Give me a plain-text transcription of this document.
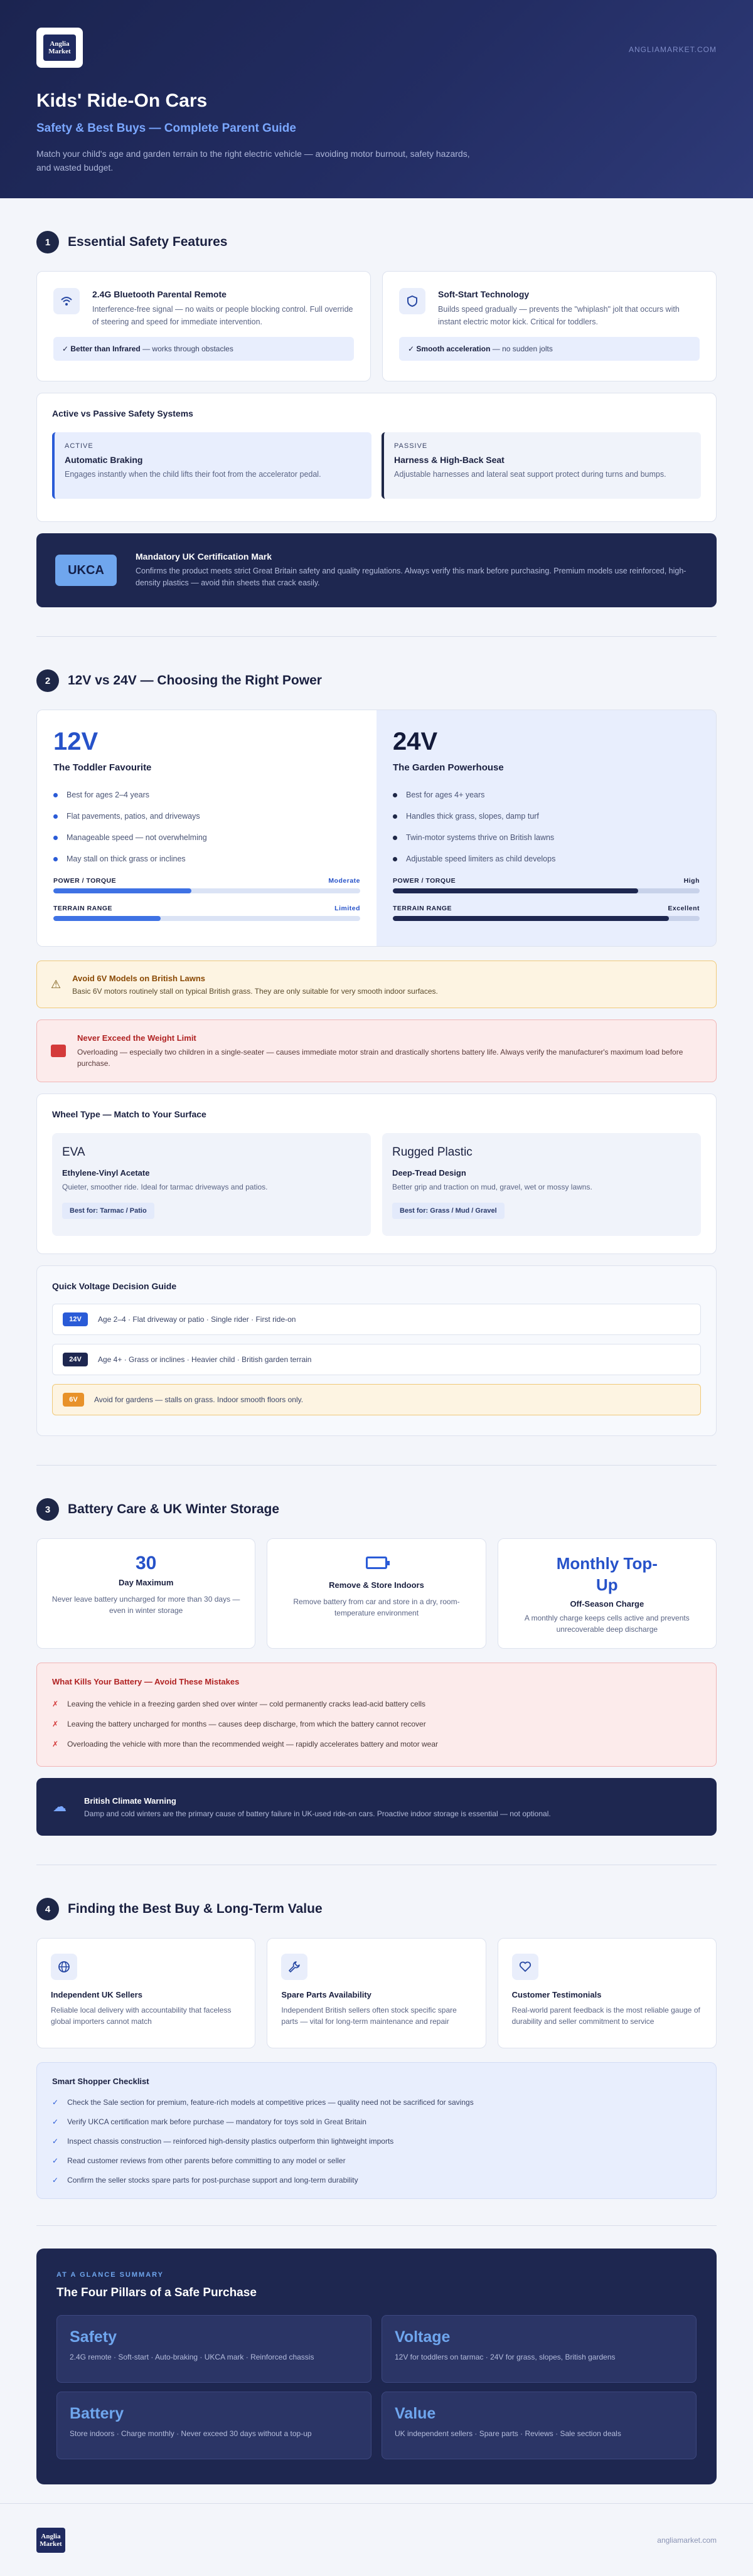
Anglia
Market	ANGLIAMARKET.COM
Kids' Ride-On Cars
Safety & Best Buys — Complete Parent Guide

Match your child's age and garden terrain to the right electric vehicle — avoiding motor burnout, safety hazards, and wasted budget.

1	Essential Safety Features
2.4G Bluetooth Parental Remote
Interference-free signal — no waits or people blocking control. Full override of steering and speed for immediate intervention.
✓ Better than Infrared — works through obstacles
Soft-Start Technology
Builds speed gradually — prevents the "whiplash" jolt that occurs with instant electric motor kick. Critical for toddlers.
✓ Smooth acceleration — no sudden jolts
Active vs Passive Safety Systems
ACTIVE
Automatic Braking
Engages instantly when the child lifts their foot from the accelerator pedal.
PASSIVE
Harness & High-Back Seat
Adjustable harnesses and lateral seat support protect during turns and bumps.
UKCA
Mandatory UK Certification Mark
Confirms the product meets strict Great Britain safety and quality regulations. Always verify this mark before purchasing. Premium models use reinforced, high-density plastics — avoid thin sheets that crack easily.
2	12V vs 24V — Choosing the Right Power
12V
The Toddler Favourite
Best for ages 2–4 years
Flat pavements, patios, and driveways
Manageable speed — not overwhelming
May stall on thick grass or inclines
POWER / TORQUE	Moderate
TERRAIN RANGE	Limited
24V
The Garden Powerhouse
Best for ages 4+ years
Handles thick grass, slopes, damp turf
Twin-motor systems thrive on British lawns
Adjustable speed limiters as child develops
POWER / TORQUE	High
TERRAIN RANGE	Excellent
⚠ Avoid 6V Models on British Lawns
Basic 6V motors routinely stall on typical British grass. They are only suitable for very smooth indoor surfaces.
Never Exceed the Weight Limit
Overloading — especially two children in a single-seater — causes immediate motor strain and drastically shortens battery life. Always verify the manufacturer's maximum load before purchase.
Wheel Type — Match to Your Surface
EVA
Ethylene-Vinyl Acetate
Quieter, smoother ride. Ideal for tarmac driveways and patios.
Best for: Tarmac / Patio
Rugged Plastic
Deep-Tread Design
Better grip and traction on mud, gravel, wet or mossy lawns.
Best for: Grass / Mud / Gravel
Quick Voltage Decision Guide
12V	Age 2–4 · Flat driveway or patio · Single rider · First ride-on
24V	Age 4+ · Grass or inclines · Heavier child · British garden terrain
6V	Avoid for gardens — stalls on grass. Indoor smooth floors only.
3	Battery Care & UK Winter Storage
30
Day Maximum
Never leave battery uncharged for more than 30 days — even in winter storage
Remove & Store Indoors
Remove battery from car and store in a dry, room-temperature environment
Monthly Top-Up
Off-Season Charge
A monthly charge keeps cells active and prevents unrecoverable deep discharge
What Kills Your Battery — Avoid These Mistakes
✗ Leaving the vehicle in a freezing garden shed over winter — cold permanently cracks lead-acid battery cells
✗ Leaving the battery uncharged for months — causes deep discharge, from which the battery cannot recover
✗ Overloading the vehicle with more than the recommended weight — rapidly accelerates battery and motor wear
☁ British Climate Warning
Damp and cold winters are the primary cause of battery failure in UK-used ride-on cars. Proactive indoor storage is essential — not optional.
4	Finding the Best Buy & Long-Term Value
Independent UK Sellers
Reliable local delivery with accountability that faceless global importers cannot match
Spare Parts Availability
Independent British sellers often stock specific spare parts — vital for long-term maintenance and repair
Customer Testimonials
Real-world parent feedback is the most reliable gauge of durability and seller commitment to service
Smart Shopper Checklist
✓ Check the Sale section for premium, feature-rich models at competitive prices — quality need not be sacrificed for savings
✓ Verify UKCA certification mark before purchase — mandatory for toys sold in Great Britain
✓ Inspect chassis construction — reinforced high-density plastics outperform thin lightweight imports
✓ Read customer reviews from other parents before committing to any model or seller
✓ Confirm the seller stocks spare parts for post-purchase support and long-term durability
AT A GLANCE SUMMARY
The Four Pillars of a Safe Purchase
Safety
2.4G remote · Soft-start · Auto-braking · UKCA mark · Reinforced chassis
Voltage
12V for toddlers on tarmac · 24V for grass, slopes, British gardens
Battery
Store indoors · Charge monthly · Never exceed 30 days without a top-up
Value
UK independent sellers · Spare parts · Reviews · Sale section deals
Anglia
Market	angliamarket.com
